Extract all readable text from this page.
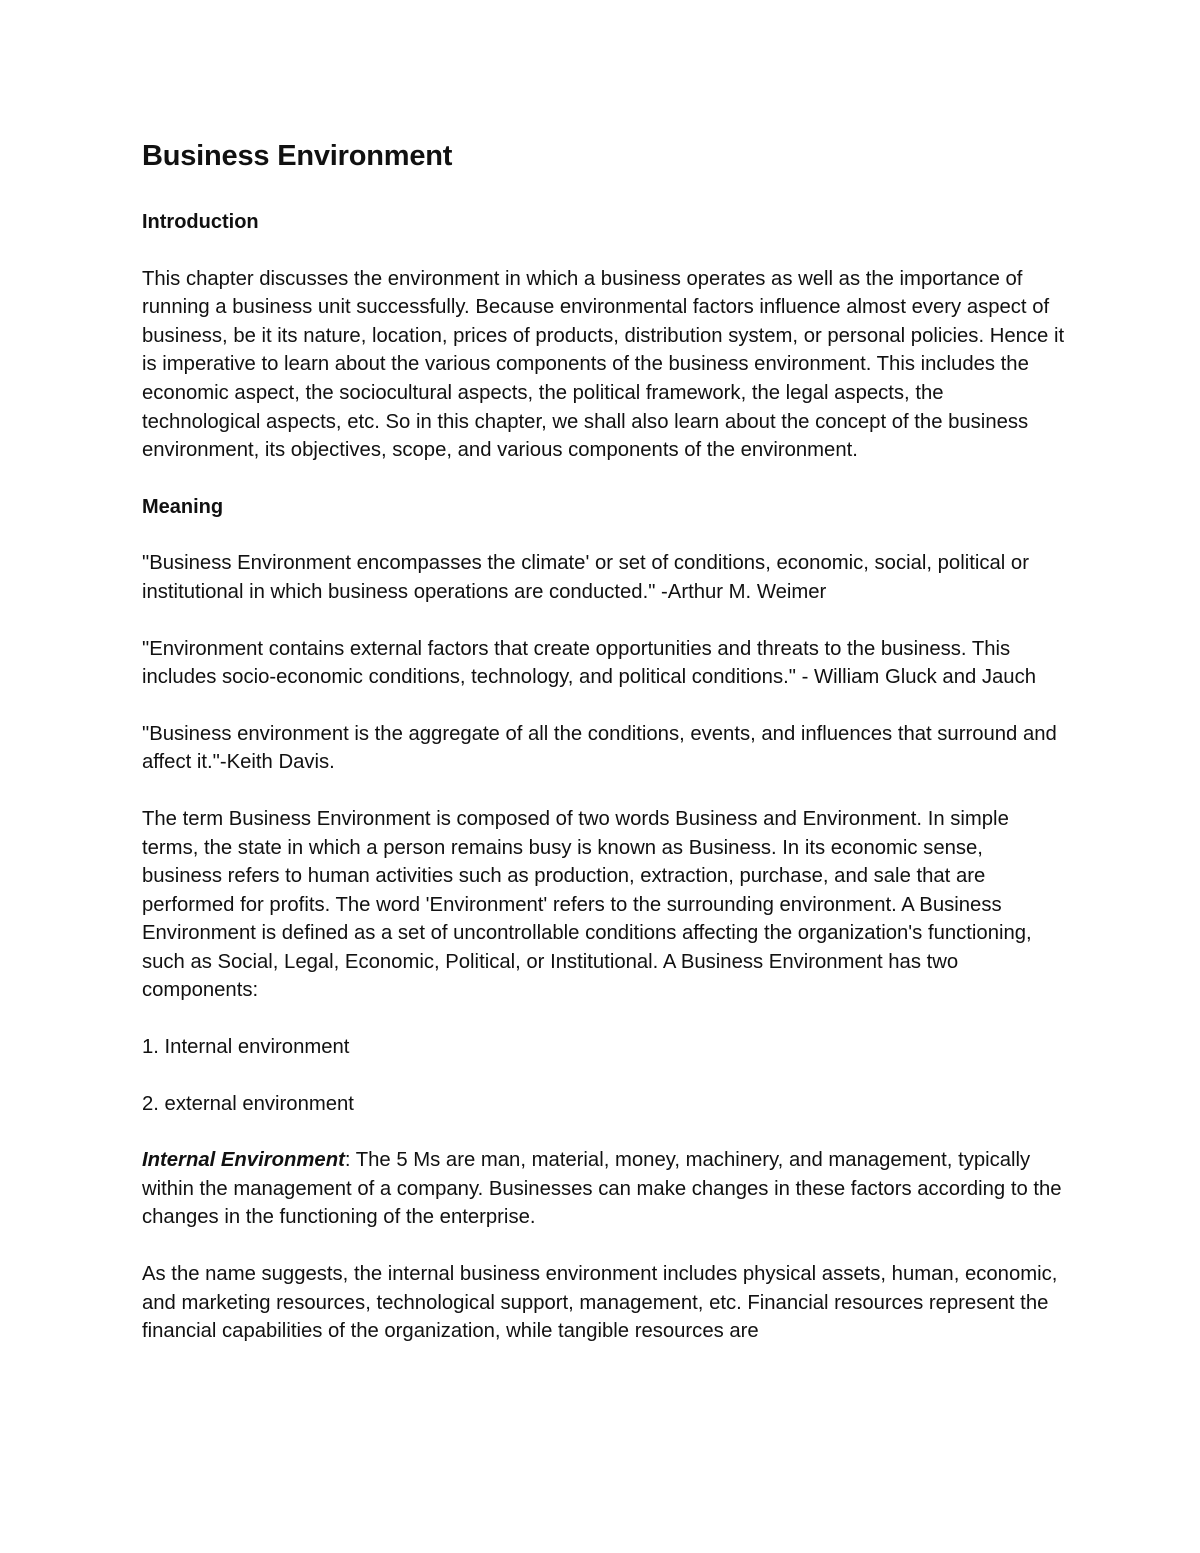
Business Environment
Introduction

This chapter discusses the environment in which a business operates as well as the importance of running a business unit successfully. Because environmental factors influence almost every aspect of business, be it its nature, location, prices of products, distribution system, or personal policies. Hence it is imperative to learn about the various components of the business environment. This includes the economic aspect, the sociocultural aspects, the political framework, the legal aspects, the technological aspects, etc. So in this chapter, we shall also learn about the concept of the business environment, its objectives, scope, and various components of the environment.

Meaning

"Business Environment encompasses the climate' or set of conditions, economic, social, political or institutional in which business operations are conducted." -Arthur M. Weimer

"Environment contains external factors that create opportunities and threats to the business. This includes socio-economic conditions, technology, and political conditions." - William Gluck and Jauch

"Business environment is the aggregate of all the conditions, events, and influences that surround and affect it."-Keith Davis.

The term Business Environment is composed of two words Business and Environment. In simple terms, the state in which a person remains busy is known as Business. In its economic sense, business refers to human activities such as production, extraction, purchase, and sale that are performed for profits. The word 'Environment' refers to the surrounding environment. A Business Environment is defined as a set of uncontrollable conditions affecting the organization's functioning, such as Social, Legal, Economic, Political, or Institutional. A Business Environment has two components:

1. Internal environment

2. external environment

Internal Environment: The 5 Ms are man, material, money, machinery, and management, typically within the management of a company. Businesses can make changes in these factors according to the changes in the functioning of the enterprise.

As the name suggests, the internal business environment includes physical assets, human, economic, and marketing resources, technological support, management, etc. Financial resources represent the financial capabilities of the organization, while tangible resources are
